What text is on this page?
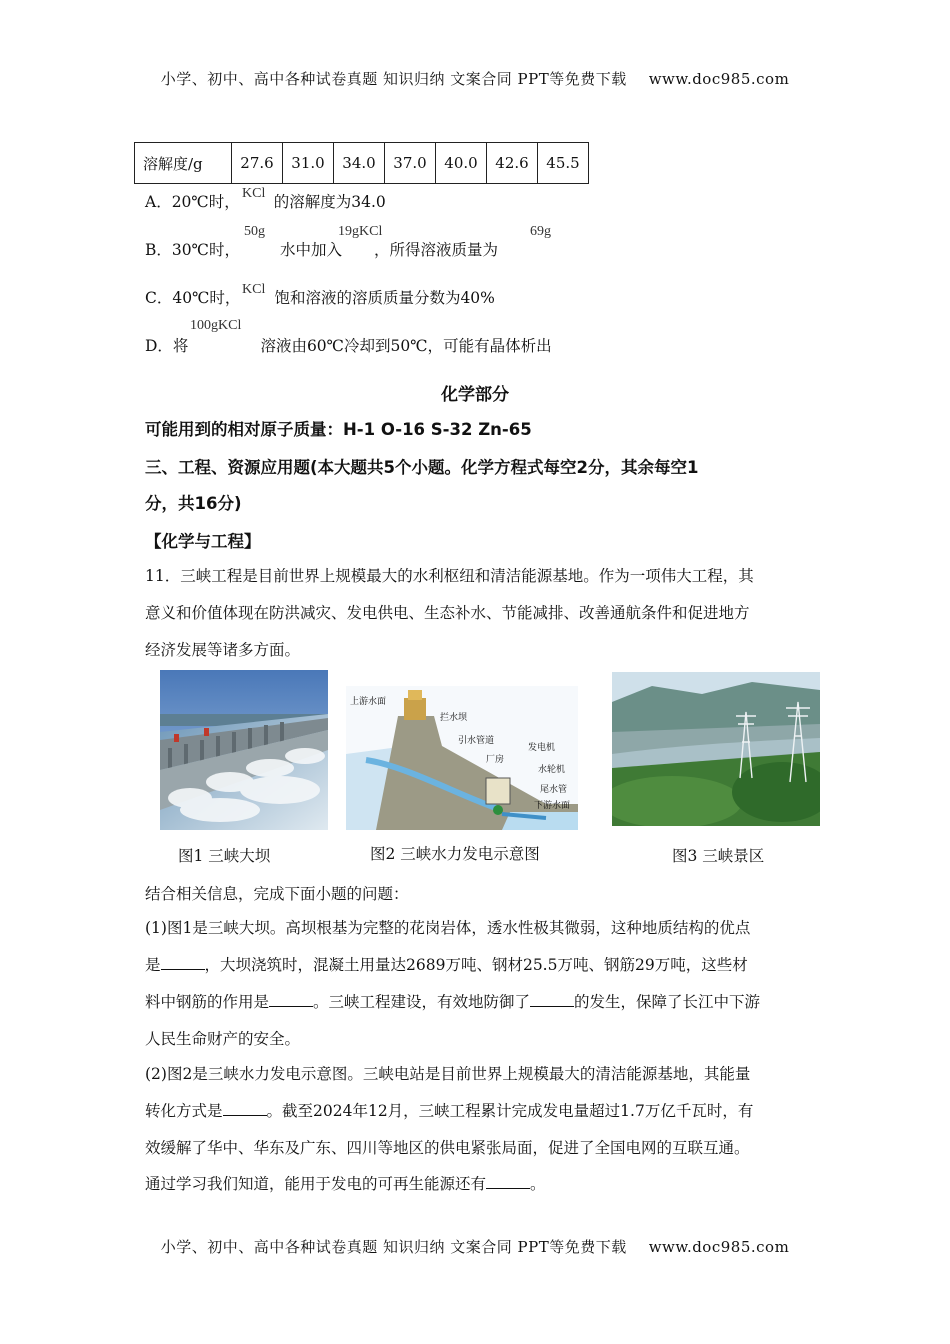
小学、初中、高中各种试卷真题 知识归纳 文案合同 PPT等免费下载 www.doc985.com
溶解度/g	27.6	31.0	34.0	37.0	40.0	42.6	45.5
A．20℃时， 的溶解度为34.0
KCl
B．30℃时，	水中加入 ，所得溶液质量为
50g	19gKCl	69g
C．40℃时， 饱和溶液的溶质质量分数为40%
KCl
D．将	溶液由60℃冷却到50℃，可能有晶体析出
100gKCl
化学部分
可能用到的相对原子质量：H-1 O-16 S-32 Zn-65
三、工程、资源应用题(本大题共5个小题。化学方程式每空2分，其余每空1
分，共16分)
【化学与工程】
11．三峡工程是目前世界上规模最大的水利枢纽和清洁能源基地。作为一项伟大工程，其
意义和价值体现在防洪减灾、发电供电、生态补水、节能减排、改善通航条件和促进地方
经济发展等诸多方面。
图1 三峡大坝
上游水面
拦水坝
引水管道
厂房
发电机
水轮机
尾水管
下游水面
图2 三峡水力发电示意图	图3 三峡景区
结合相关信息，完成下面小题的问题：
(1)图1是三峡大坝。高坝根基为完整的花岗岩体，透水性极其微弱，这种地质结构的优点
是	，大坝浇筑时，混凝土用量达2689万吨、钢材25.5万吨、钢筋29万吨，这些材
料中钢筋的作用是	。三峡工程建设，有效地防御了	的发生，保障了长江中下游
人民生命财产的安全。
(2)图2是三峡水力发电示意图。三峡电站是目前世界上规模最大的清洁能源基地，其能量
转化方式是	。截至2024年12月，三峡工程累计完成发电量超过1.7万亿千瓦时，有
效缓解了华中、华东及广东、四川等地区的供电紧张局面，促进了全国电网的互联互通。
通过学习我们知道，能用于发电的可再生能源还有	。
小学、初中、高中各种试卷真题 知识归纳 文案合同 PPT等免费下载 www.doc985.com
